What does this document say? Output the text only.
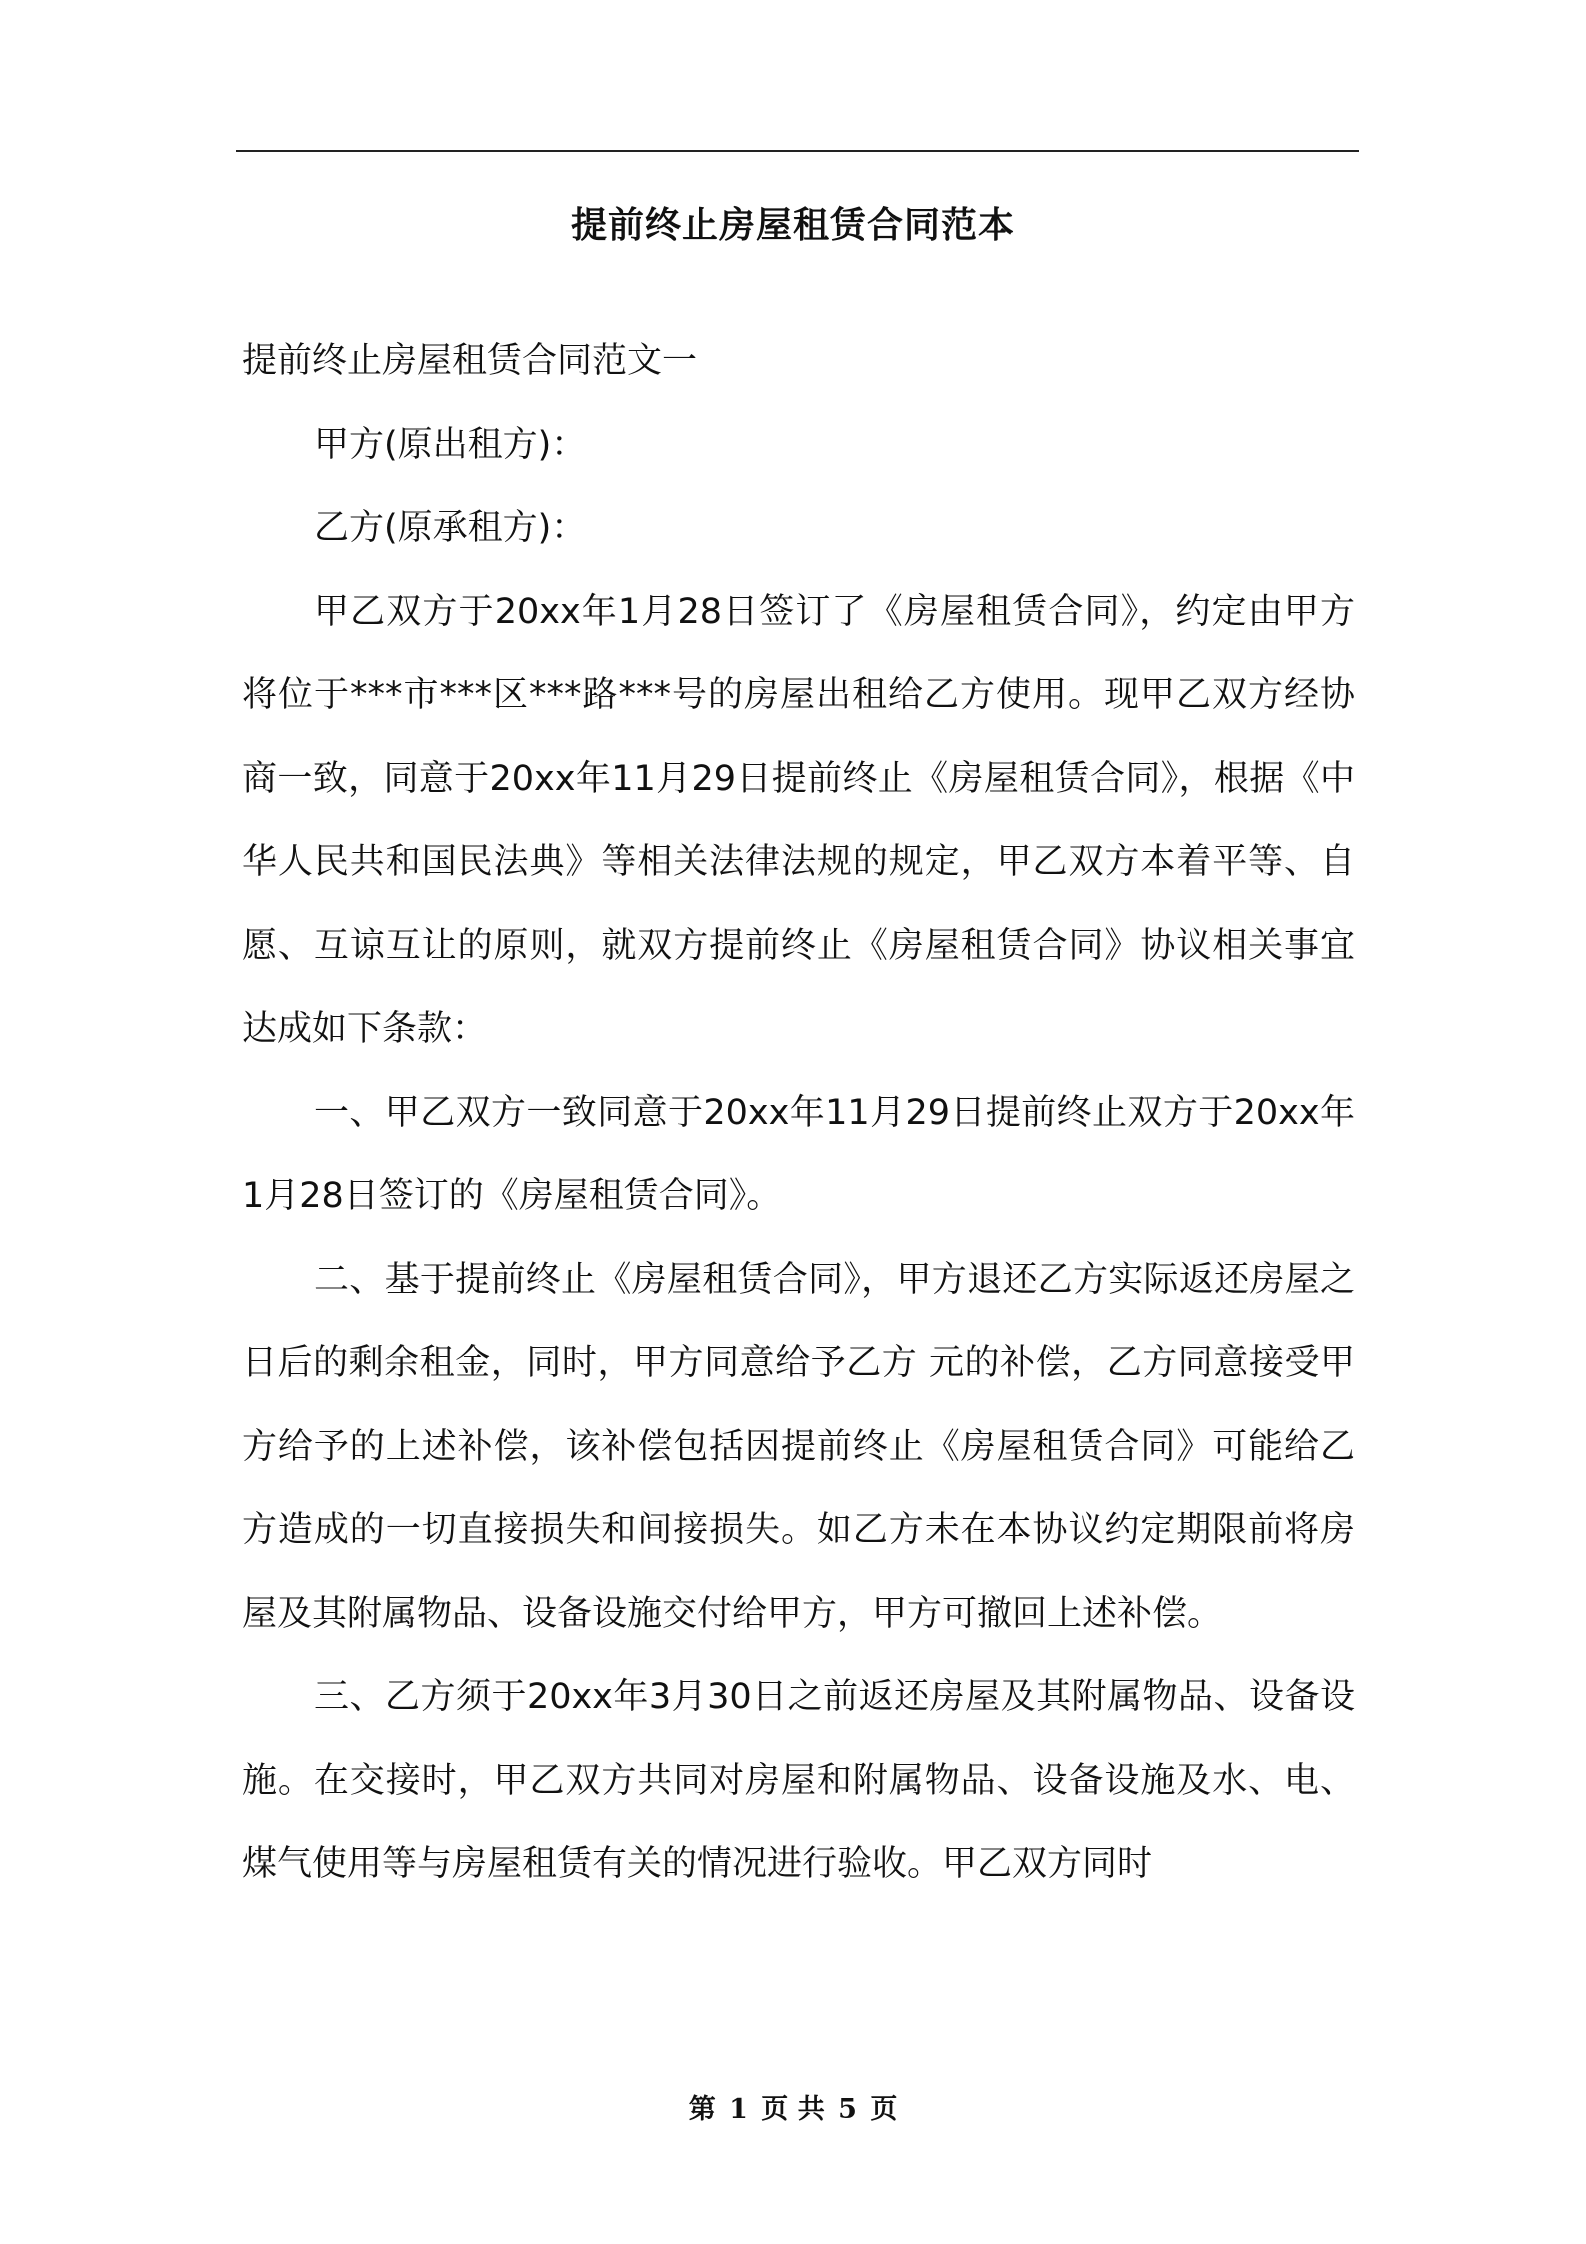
提前终止房屋租赁合同范本

提前终止房屋租赁合同范文一

甲方(原出租方)：

乙方(原承租方)：

甲乙双方于20xx年1月28日签订了《房屋租赁合同》，约定由甲方将位于***市***区***路***号的房屋出租给乙方使用。现甲乙双方经协商一致，同意于20xx年11月29日提前终止《房屋租赁合同》，根据《中华人民共和国民法典》等相关法律法规的规定，甲乙双方本着平等、自愿、互谅互让的原则，就双方提前终止《房屋租赁合同》协议相关事宜达成如下条款：

一、甲乙双方一致同意于20xx年11月29日提前终止双方于20xx年1月28日签订的《房屋租赁合同》。

二、基于提前终止《房屋租赁合同》，甲方退还乙方实际返还房屋之日后的剩余租金，同时，甲方同意给予乙方 元的补偿，乙方同意接受甲方给予的上述补偿，该补偿包括因提前终止《房屋租赁合同》可能给乙方造成的一切直接损失和间接损失。如乙方未在本协议约定期限前将房屋及其附属物品、设备设施交付给甲方，甲方可撤回上述补偿。

三、乙方须于20xx年3月30日之前返还房屋及其附属物品、设备设施。在交接时，甲乙双方共同对房屋和附属物品、设备设施及水、电、煤气使用等与房屋租赁有关的情况进行验收。甲乙双方同时

第 1 页 共 5 页
